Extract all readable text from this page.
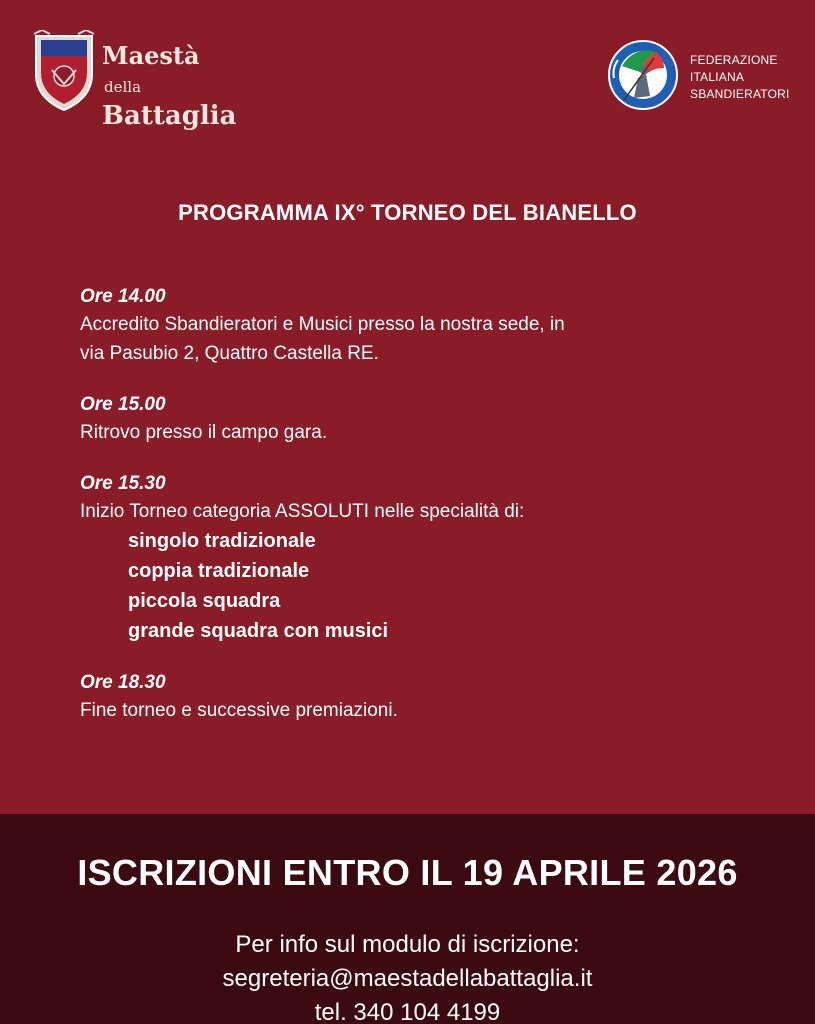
Maestà della
Battaglia
FEDERAZIONE
ITALIANA
SBANDIERATORI
PROGRAMMA IX° TORNEO DEL BIANELLO
Ore 14.00
Accredito Sbandieratori e Musici presso la nostra sede, in
via Pasubio 2, Quattro Castella RE.
Ore 15.00
Ritrovo presso il campo gara.
Ore 15.30
Inizio Torneo categoria ASSOLUTI nelle specialità di:
singolo tradizionale
coppia tradizionale
piccola squadra
grande squadra con musici
Ore 18.30
Fine torneo e successive premiazioni.
ISCRIZIONI ENTRO IL 19 APRILE 2026
Per info sul modulo di iscrizione:
segreteria@maestadellabattaglia.it
tel. 340 104 4199
